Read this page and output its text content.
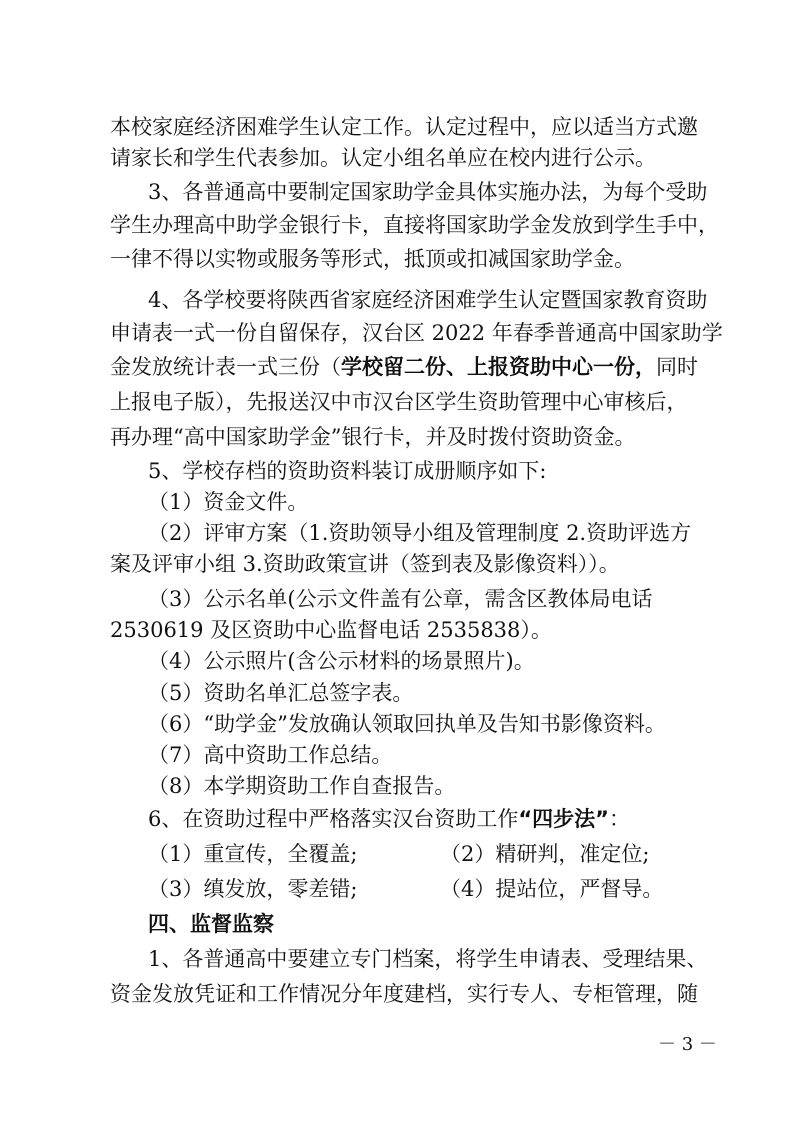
本校家庭经济困难学生认定工作。认定过程中，应以适当方式邀
请家长和学生代表参加。认定小组名单应在校内进行公示。
3、各普通高中要制定国家助学金具体实施办法，为每个受助
学生办理高中助学金银行卡，直接将国家助学金发放到学生手中，
一律不得以实物或服务等形式，抵顶或扣减国家助学金。
4、各学校要将陕西省家庭经济困难学生认定暨国家教育资助
申请表一式一份自留保存，汉台区 2022 年春季普通高中国家助学
金发放统计表一式三份（学校留二份、上报资助中心一份，同时
上报电子版），先报送汉中市汉台区学生资助管理中心审核后，
再办理“高中国家助学金”银行卡，并及时拨付资助资金。
5、学校存档的资助资料装订成册顺序如下:
（1）资金文件。
（2）评审方案（1.资助领导小组及管理制度 2.资助评选方
案及评审小组 3.资助政策宣讲（签到表及影像资料））。
（3）公示名单(公示文件盖有公章，需含区教体局电话
2530619 及区资助中心监督电话 2535838）。
（4）公示照片(含公示材料的场景照片)。
（5）资助名单汇总签字表。
（6）“助学金”发放确认领取回执单及告知书影像资料。
（7）高中资助工作总结。
（8）本学期资助工作自查报告。
6、在资助过程中严格落实汉台资助工作“四步法”：
（1）重宣传，全覆盖;	（2）精研判，准定位;
（3）缜发放，零差错;	（4）提站位，严督导。
四、监督监察
1、各普通高中要建立专门档案，将学生申请表、受理结果、
资金发放凭证和工作情况分年度建档，实行专人、专柜管理，随
－ 3 －
